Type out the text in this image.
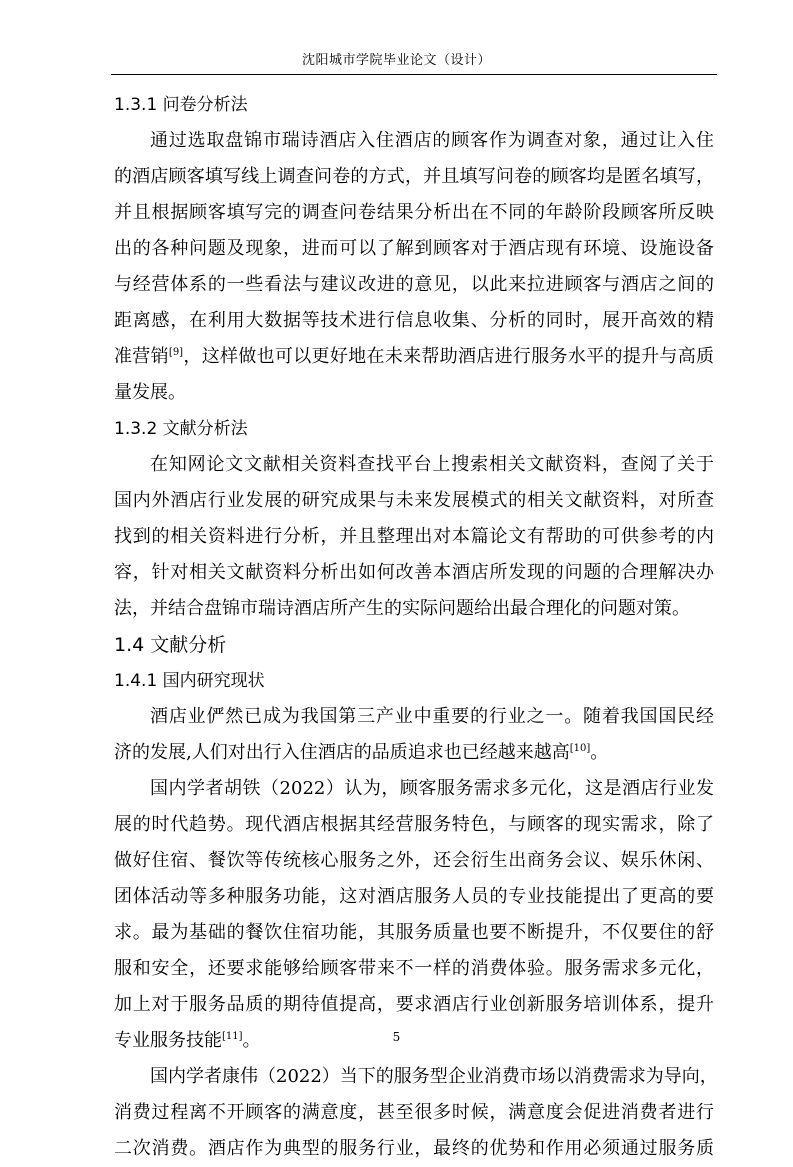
沈阳城市学院毕业论文（设计）
1.3.1 问卷分析法
通过选取盘锦市瑞诗酒店入住酒店的顾客作为调查对象，通过让入住
的酒店顾客填写线上调查问卷的方式，并且填写问卷的顾客均是匿名填写，
并且根据顾客填写完的调查问卷结果分析出在不同的年龄阶段顾客所反映
出的各种问题及现象，进而可以了解到顾客对于酒店现有环境、设施设备
与经营体系的一些看法与建议改进的意见，以此来拉进顾客与酒店之间的
距离感，在利用大数据等技术进行信息收集、分析的同时，展开高效的精
准营销[9]，这样做也可以更好地在未来帮助酒店进行服务水平的提升与高质
量发展。
1.3.2 文献分析法
在知网论文文献相关资料查找平台上搜索相关文献资料，查阅了关于
国内外酒店行业发展的研究成果与未来发展模式的相关文献资料，对所查
找到的相关资料进行分析，并且整理出对本篇论文有帮助的可供参考的内
容，针对相关文献资料分析出如何改善本酒店所发现的问题的合理解决办
法，并结合盘锦市瑞诗酒店所产生的实际问题给出最合理化的问题对策。
1.4 文献分析
1.4.1 国内研究现状
酒店业俨然已成为我国第三产业中重要的行业之一。随着我国国民经
济的发展,人们对出行入住酒店的品质追求也已经越来越高[10]。
国内学者胡铁（2022）认为，顾客服务需求多元化，这是酒店行业发
展的时代趋势。现代酒店根据其经营服务特色，与顾客的现实需求，除了
做好住宿、餐饮等传统核心服务之外，还会衍生出商务会议、娱乐休闲、
团体活动等多种服务功能，这对酒店服务人员的专业技能提出了更高的要
求。最为基础的餐饮住宿功能，其服务质量也要不断提升，不仅要住的舒
服和安全，还要求能够给顾客带来不一样的消费体验。服务需求多元化，
加上对于服务品质的期待值提高，要求酒店行业创新服务培训体系，提升
专业服务技能[11]。
国内学者康伟（2022）当下的服务型企业消费市场以消费需求为导向，
消费过程离不开顾客的满意度，甚至很多时候，满意度会促进消费者进行
二次消费。酒店作为典型的服务行业，最终的优势和作用必须通过服务质
5
